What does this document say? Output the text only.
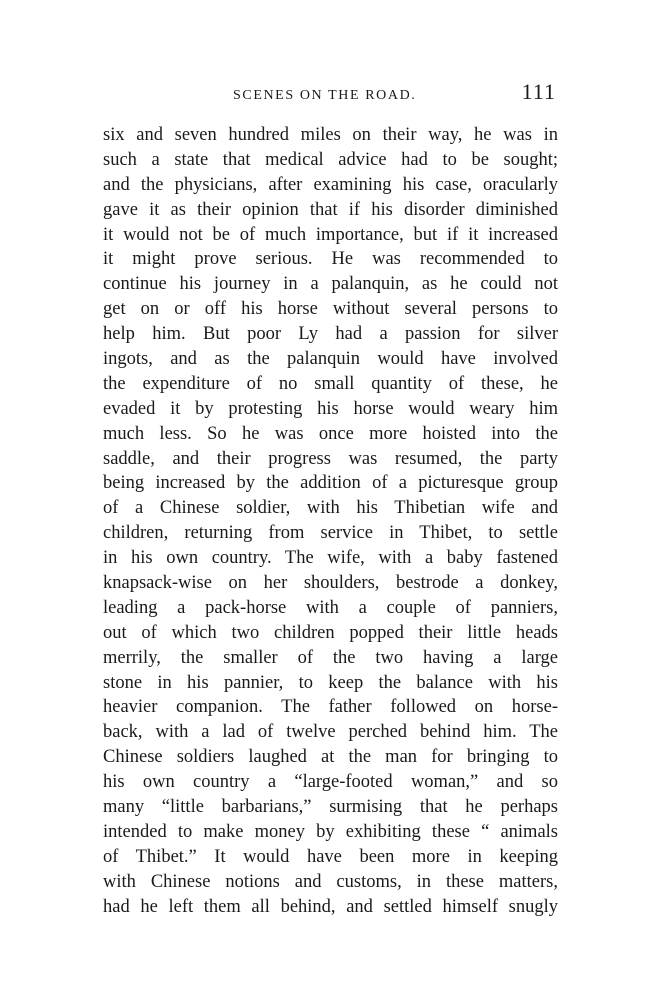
SCENES ON THE ROAD.	111
six and seven hundred miles on their way, he was in
such a state that medical advice had to be sought;
and the physicians, after examining his case, oracularly
gave it as their opinion that if his disorder diminished
it would not be of much importance, but if it increased
it might prove serious. He was recommended to
continue his journey in a palanquin, as he could not
get on or off his horse without several persons to
help him. But poor Ly had a passion for silver
ingots, and as the palanquin would have involved
the expenditure of no small quantity of these, he
evaded it by protesting his horse would weary him
much less. So he was once more hoisted into the
saddle, and their progress was resumed, the party
being increased by the addition of a picturesque group
of a Chinese soldier, with his Thibetian wife and
children, returning from service in Thibet, to settle
in his own country. The wife, with a baby fastened
knapsack-wise on her shoulders, bestrode a donkey,
leading a pack-horse with a couple of panniers,
out of which two children popped their little heads
merrily, the smaller of the two having a large
stone in his pannier, to keep the balance with his
heavier companion. The father followed on horse-
back, with a lad of twelve perched behind him. The
Chinese soldiers laughed at the man for bringing to
his own country a “large-footed woman,” and so
many “little barbarians,” surmising that he perhaps
intended to make money by exhibiting these “ animals
of Thibet.” It would have been more in keeping
with Chinese notions and customs, in these matters,
had he left them all behind, and settled himself snugly
